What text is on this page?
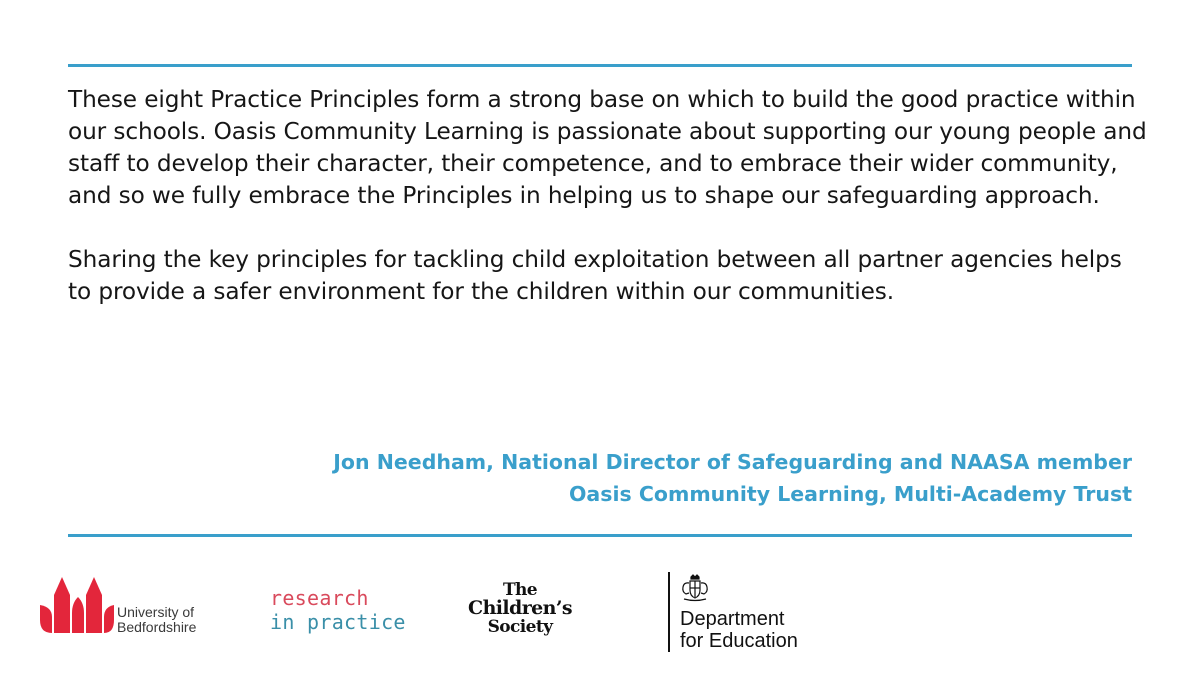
These eight Practice Principles form a strong base on which to build the good practice within our schools. Oasis Community Learning is passionate about supporting our young people and staff to develop their character, their competence, and to embrace their wider community, and so we fully embrace the Principles in helping us to shape our safeguarding approach.

Sharing the key principles for tackling child exploitation between all partner agencies helps to provide a safer environment for the children within our communities.

Jon Needham, National Director of Safeguarding and NAASA member
Oasis Community Learning, Multi-Academy Trust
University of
Bedfordshire
research
in practice
The
Children’s
Society	Department
for Education
